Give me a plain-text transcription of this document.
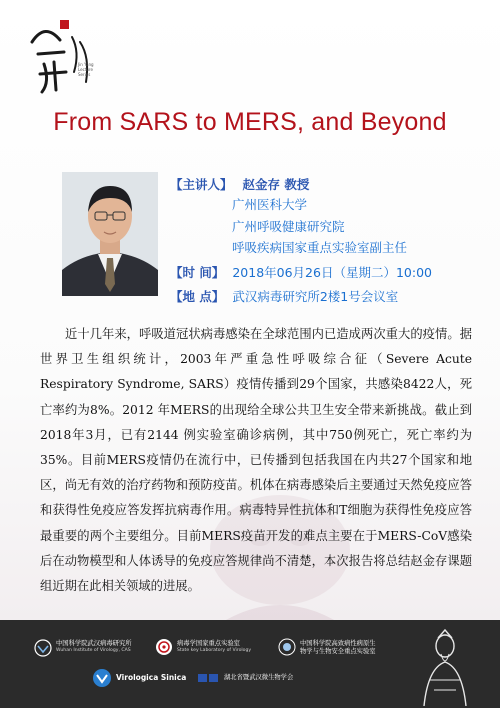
Jin Yang
Lecture
Series
From SARS to MERS, and Beyond
【主讲人】 赵金存 教授
广州医科大学
广州呼吸健康研究院
呼吸疾病国家重点实验室副主任
【时 间】 2018年06月26日（星期二）10:00
【地 点】 武汉病毒研究所2楼1号会议室
近十几年来，呼吸道冠状病毒感染在全球范围内已造成两次重大的疫情。据世界卫生组织统计，2003年严重急性呼吸综合征（Severe Acute Respiratory Syndrome, SARS）疫情传播到29个国家，共感染8422人，死亡率约为8%。2012 年MERS的出现给全球公共卫生安全带来新挑战。截止到2018年3月，已有2144 例实验室确诊病例，其中750例死亡，死亡率约为 35%。目前MERS疫情仍在流行中，已传播到包括我国在内共27个国家和地区，尚无有效的治疗药物和预防疫苗。机体在病毒感染后主要通过天然免疫应答和获得性免疫应答发挥抗病毒作用。病毒特异性抗体和T细胞为获得性免疫应答最重要的两个主要组分。目前MERS疫苗开发的难点主要在于MERS-CoV感染后在动物模型和人体诱导的免疫应答规律尚不清楚，本次报告将总结赵金存课题组近期在此相关领域的进展。
中国科学院武汉病毒研究所
Wuhan Institute of Virology, CAS
病毒学国家重点实验室
State key Laboratory of Virology
中国科学院高致病性病原生
物学与生物安全重点实验室
Virologica Sinica	湖北省暨武汉微生物学会
